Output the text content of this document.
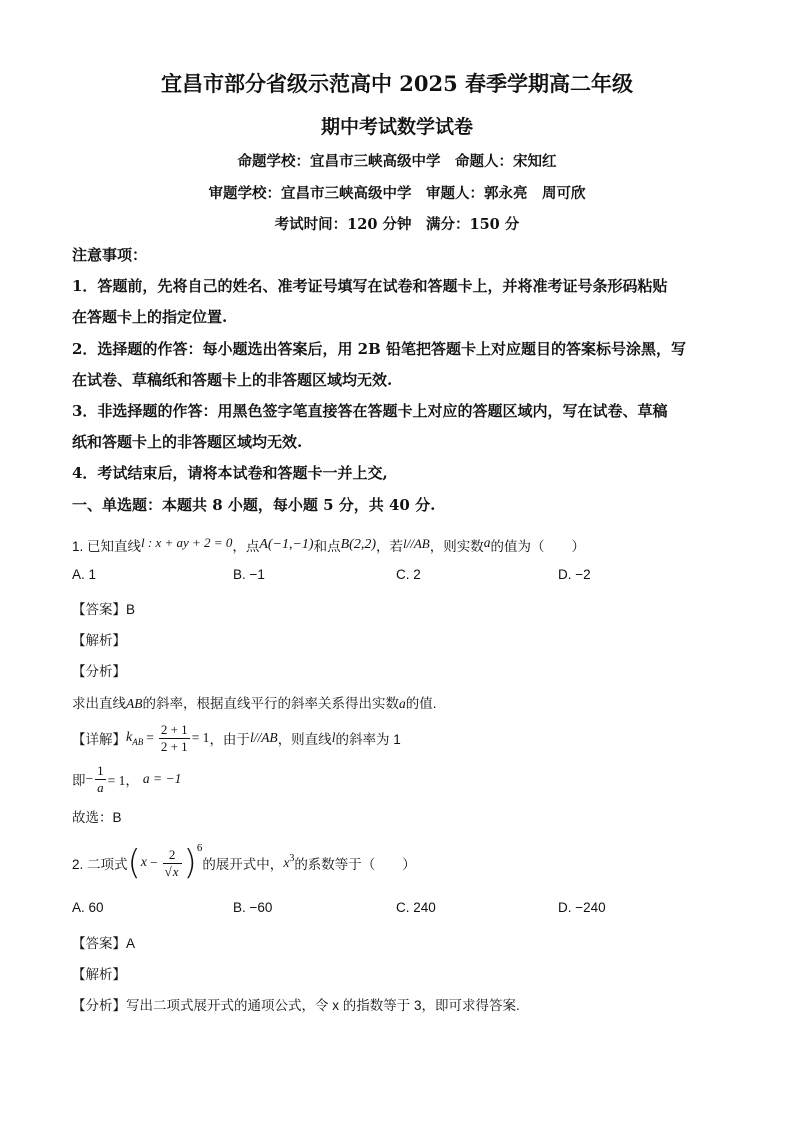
宜昌市部分省级示范高中 2025 春季学期高二年级
期中考试数学试卷
命题学校：宜昌市三峡高级中学　命题人：宋知红
审题学校：宜昌市三峡高级中学　审题人：郭永亮　周可欣
考试时间：120 分钟　满分：150 分
注意事项：
1．答题前，先将自己的姓名、准考证号填写在试卷和答题卡上，并将准考证号条形码粘贴
在答题卡上的指定位置.
2．选择题的作答：每小题选出答案后，用 2B 铅笔把答题卡上对应题目的答案标号涂黑，写
在试卷、草稿纸和答题卡上的非答题区域均无效.
3．非选择题的作答：用黑色签字笔直接答在答题卡上对应的答题区域内，写在试卷、草稿
纸和答题卡上的非答题区域均无效.
4．考试结束后，请将本试卷和答题卡一并上交,
一、单选题：本题共 8 小题，每小题 5 分，共 40 分.
1. 已知直线l : x + ay + 2 = 0，点A(−1,−1)和点B(2,2)，若l//AB，则实数a的值为（　　）
A. 1	B. −1	C. 2	D. −2
【答案】B
【解析】
【分析】
求出直线AB的斜率，根据直线平行的斜率关系得出实数a的值.
【详解】 k AB = $\frac{2 + 1}{2 + 1} = 1$ ，由于 l//AB ，则直线 l 的斜率为 1
即 − $\frac{1}{a} = 1$， a = −1
故选：B
2. 二项式 ( $x - \frac{2}{√x}$ ) 6
的展开式中， x 3 的系数等于（　　）
A. 60	B. −60	C. 240	D. −240
【答案】A
【解析】
【分析】写出二项式展开式的通项公式，令 x 的指数等于 3，即可求得答案.
